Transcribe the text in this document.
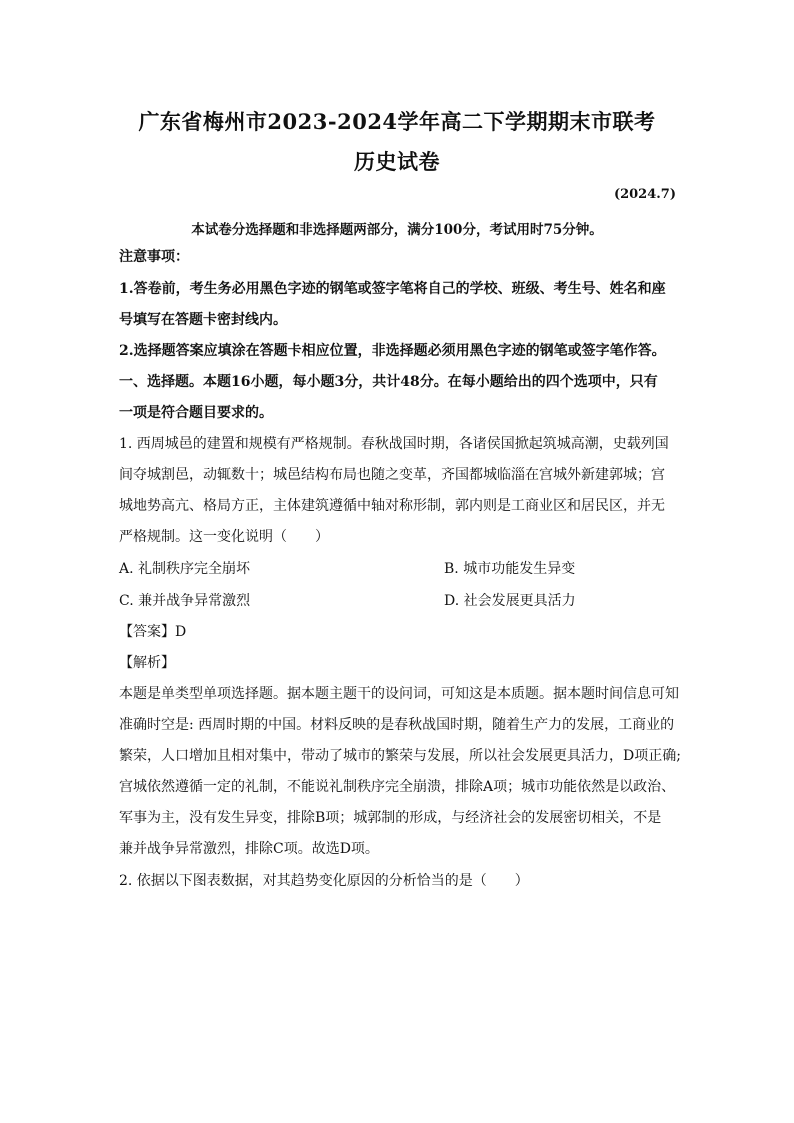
广东省梅州市2023-2024学年高二下学期期末市联考
历史试卷
(2024.7)
本试卷分选择题和非选择题两部分，满分100分，考试用时75分钟。
注意事项：
1.答卷前，考生务必用黑色字迹的钢笔或签字笔将自己的学校、班级、考生号、姓名和座
号填写在答题卡密封线内。
2.选择题答案应填涂在答题卡相应位置，非选择题必须用黑色字迹的钢笔或签字笔作答。
一、选择题。本题16小题，每小题3分，共计48分。在每小题给出的四个选项中，只有
一项是符合题目要求的。
1. 西周城邑的建置和规模有严格规制。春秋战国时期，各诸侯国掀起筑城高潮，史载列国
间夺城割邑，动辄数十；城邑结构布局也随之变革，齐国都城临淄在宫城外新建郭城；宫
城地势高亢、格局方正，主体建筑遵循中轴对称形制，郭内则是工商业区和居民区，并无
严格规制。这一变化说明（　　）
A. 礼制秩序完全崩坏	B. 城市功能发生异变
C. 兼并战争异常激烈	D. 社会发展更具活力
【答案】D
【解析】
本题是单类型单项选择题。据本题主题干的设问词，可知这是本质题。据本题时间信息可知
准确时空是: 西周时期的中国。材料反映的是春秋战国时期，随着生产力的发展，工商业的
繁荣，人口增加且相对集中，带动了城市的繁荣与发展，所以社会发展更具活力，D项正确;
宫城依然遵循一定的礼制，不能说礼制秩序完全崩溃，排除A项；城市功能依然是以政治、
军事为主，没有发生异变，排除B项；城郭制的形成，与经济社会的发展密切相关，不是
兼并战争异常激烈，排除C项。故选D项。
2. 依据以下图表数据，对其趋势变化原因的分析恰当的是（　　）
